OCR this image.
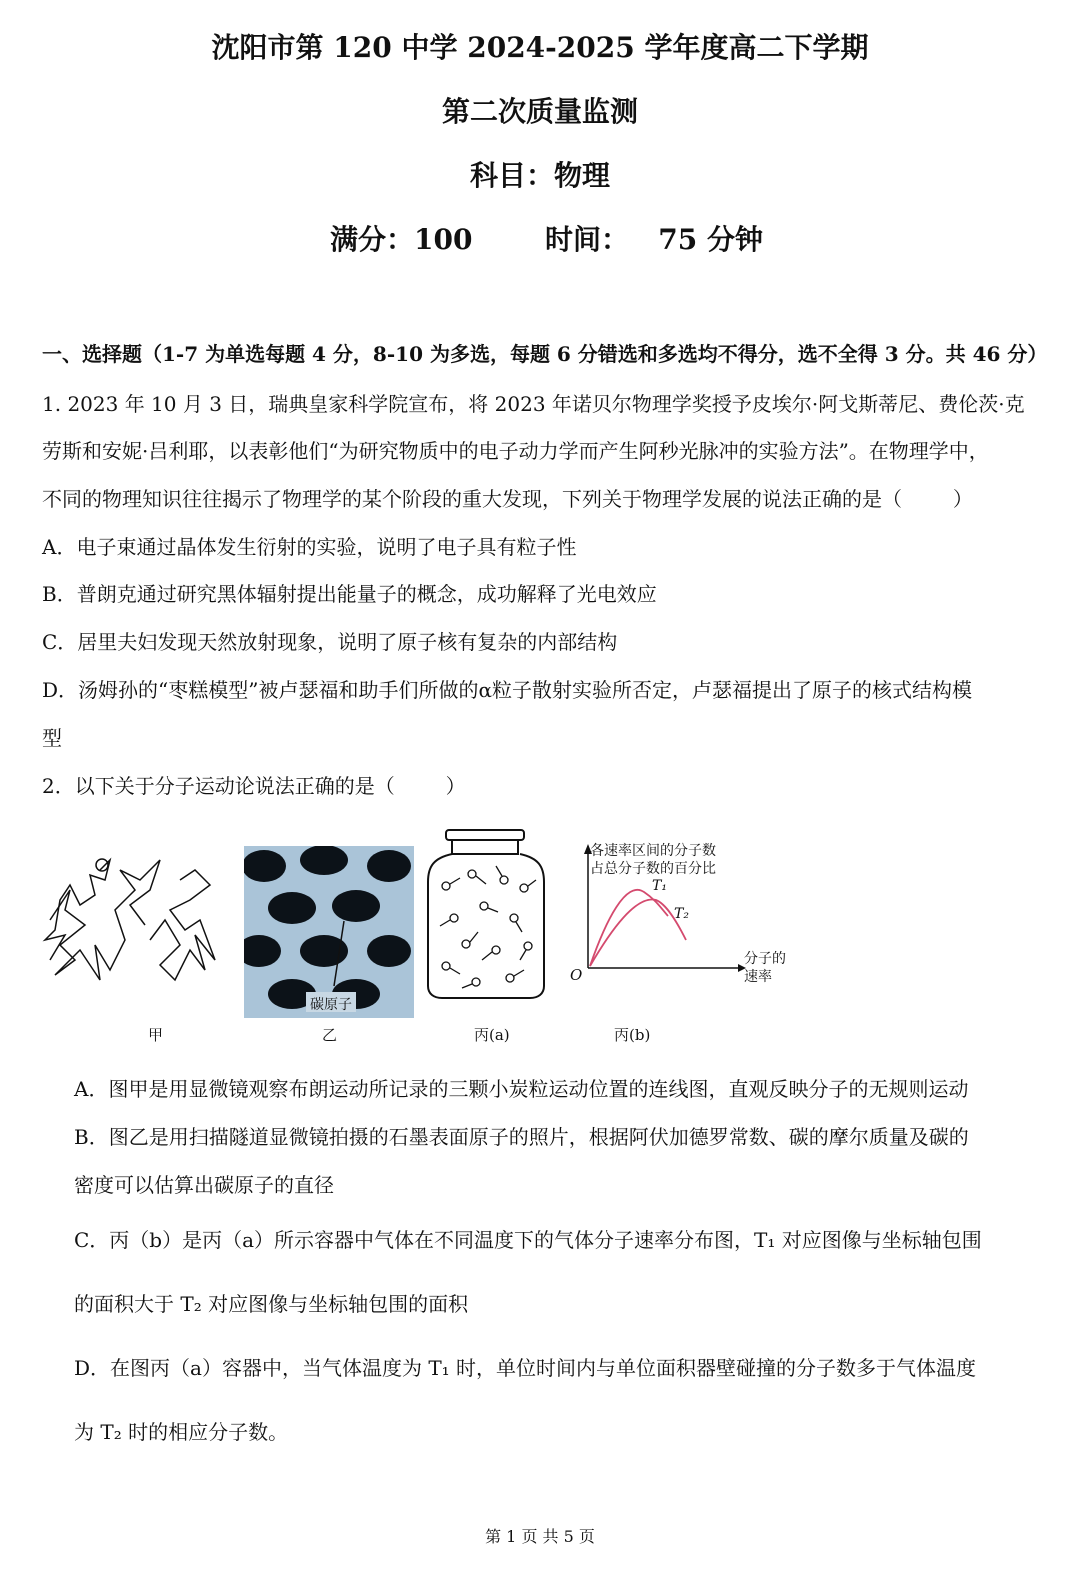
沈阳市第 120 中学 2024-2025 学年度高二下学期
第二次质量监测
科目：物理
满分：100	时间：   75 分钟
一、选择题（1-7 为单选每题 4 分，8-10 为多选，每题 6 分错选和多选均不得分，选不全得 3 分。共 46 分）
1. 2023 年 10 月 3 日，瑞典皇家科学院宣布，将 2023 年诺贝尔物理学奖授予皮埃尔·阿戈斯蒂尼、费伦茨·克
劳斯和安妮·吕利耶，以表彰他们“为研究物质中的电子动力学而产生阿秒光脉冲的实验方法”。在物理学中，
不同的物理知识往往揭示了物理学的某个阶段的重大发现，下列关于物理学发展的说法正确的是（        ）
A．电子束通过晶体发生衍射的实验，说明了电子具有粒子性
B．普朗克通过研究黑体辐射提出能量子的概念，成功解释了光电效应
C．居里夫妇发现天然放射现象，说明了原子核有复杂的内部结构
D．汤姆孙的“枣糕模型”被卢瑟福和助手们所做的α粒子散射实验所否定，卢瑟福提出了原子的核式结构模
型
2．以下关于分子运动论说法正确的是（        ）
甲
碳原子
乙	丙(a)
各速率区间的分子数
占总分子数的百分比
T₁
T₂
O
分子的
速率
丙(b)
A．图甲是用显微镜观察布朗运动所记录的三颗小炭粒运动位置的连线图，直观反映分子的无规则运动
B．图乙是用扫描隧道显微镜拍摄的石墨表面原子的照片，根据阿伏加德罗常数、碳的摩尔质量及碳的
密度可以估算出碳原子的直径
C．丙（b）是丙（a）所示容器中气体在不同温度下的气体分子速率分布图，T₁ 对应图像与坐标轴包围
的面积大于 T₂ 对应图像与坐标轴包围的面积
D．在图丙（a）容器中，当气体温度为 T₁ 时，单位时间内与单位面积器壁碰撞的分子数多于气体温度
为 T₂ 时的相应分子数。
第 1 页 共 5 页
